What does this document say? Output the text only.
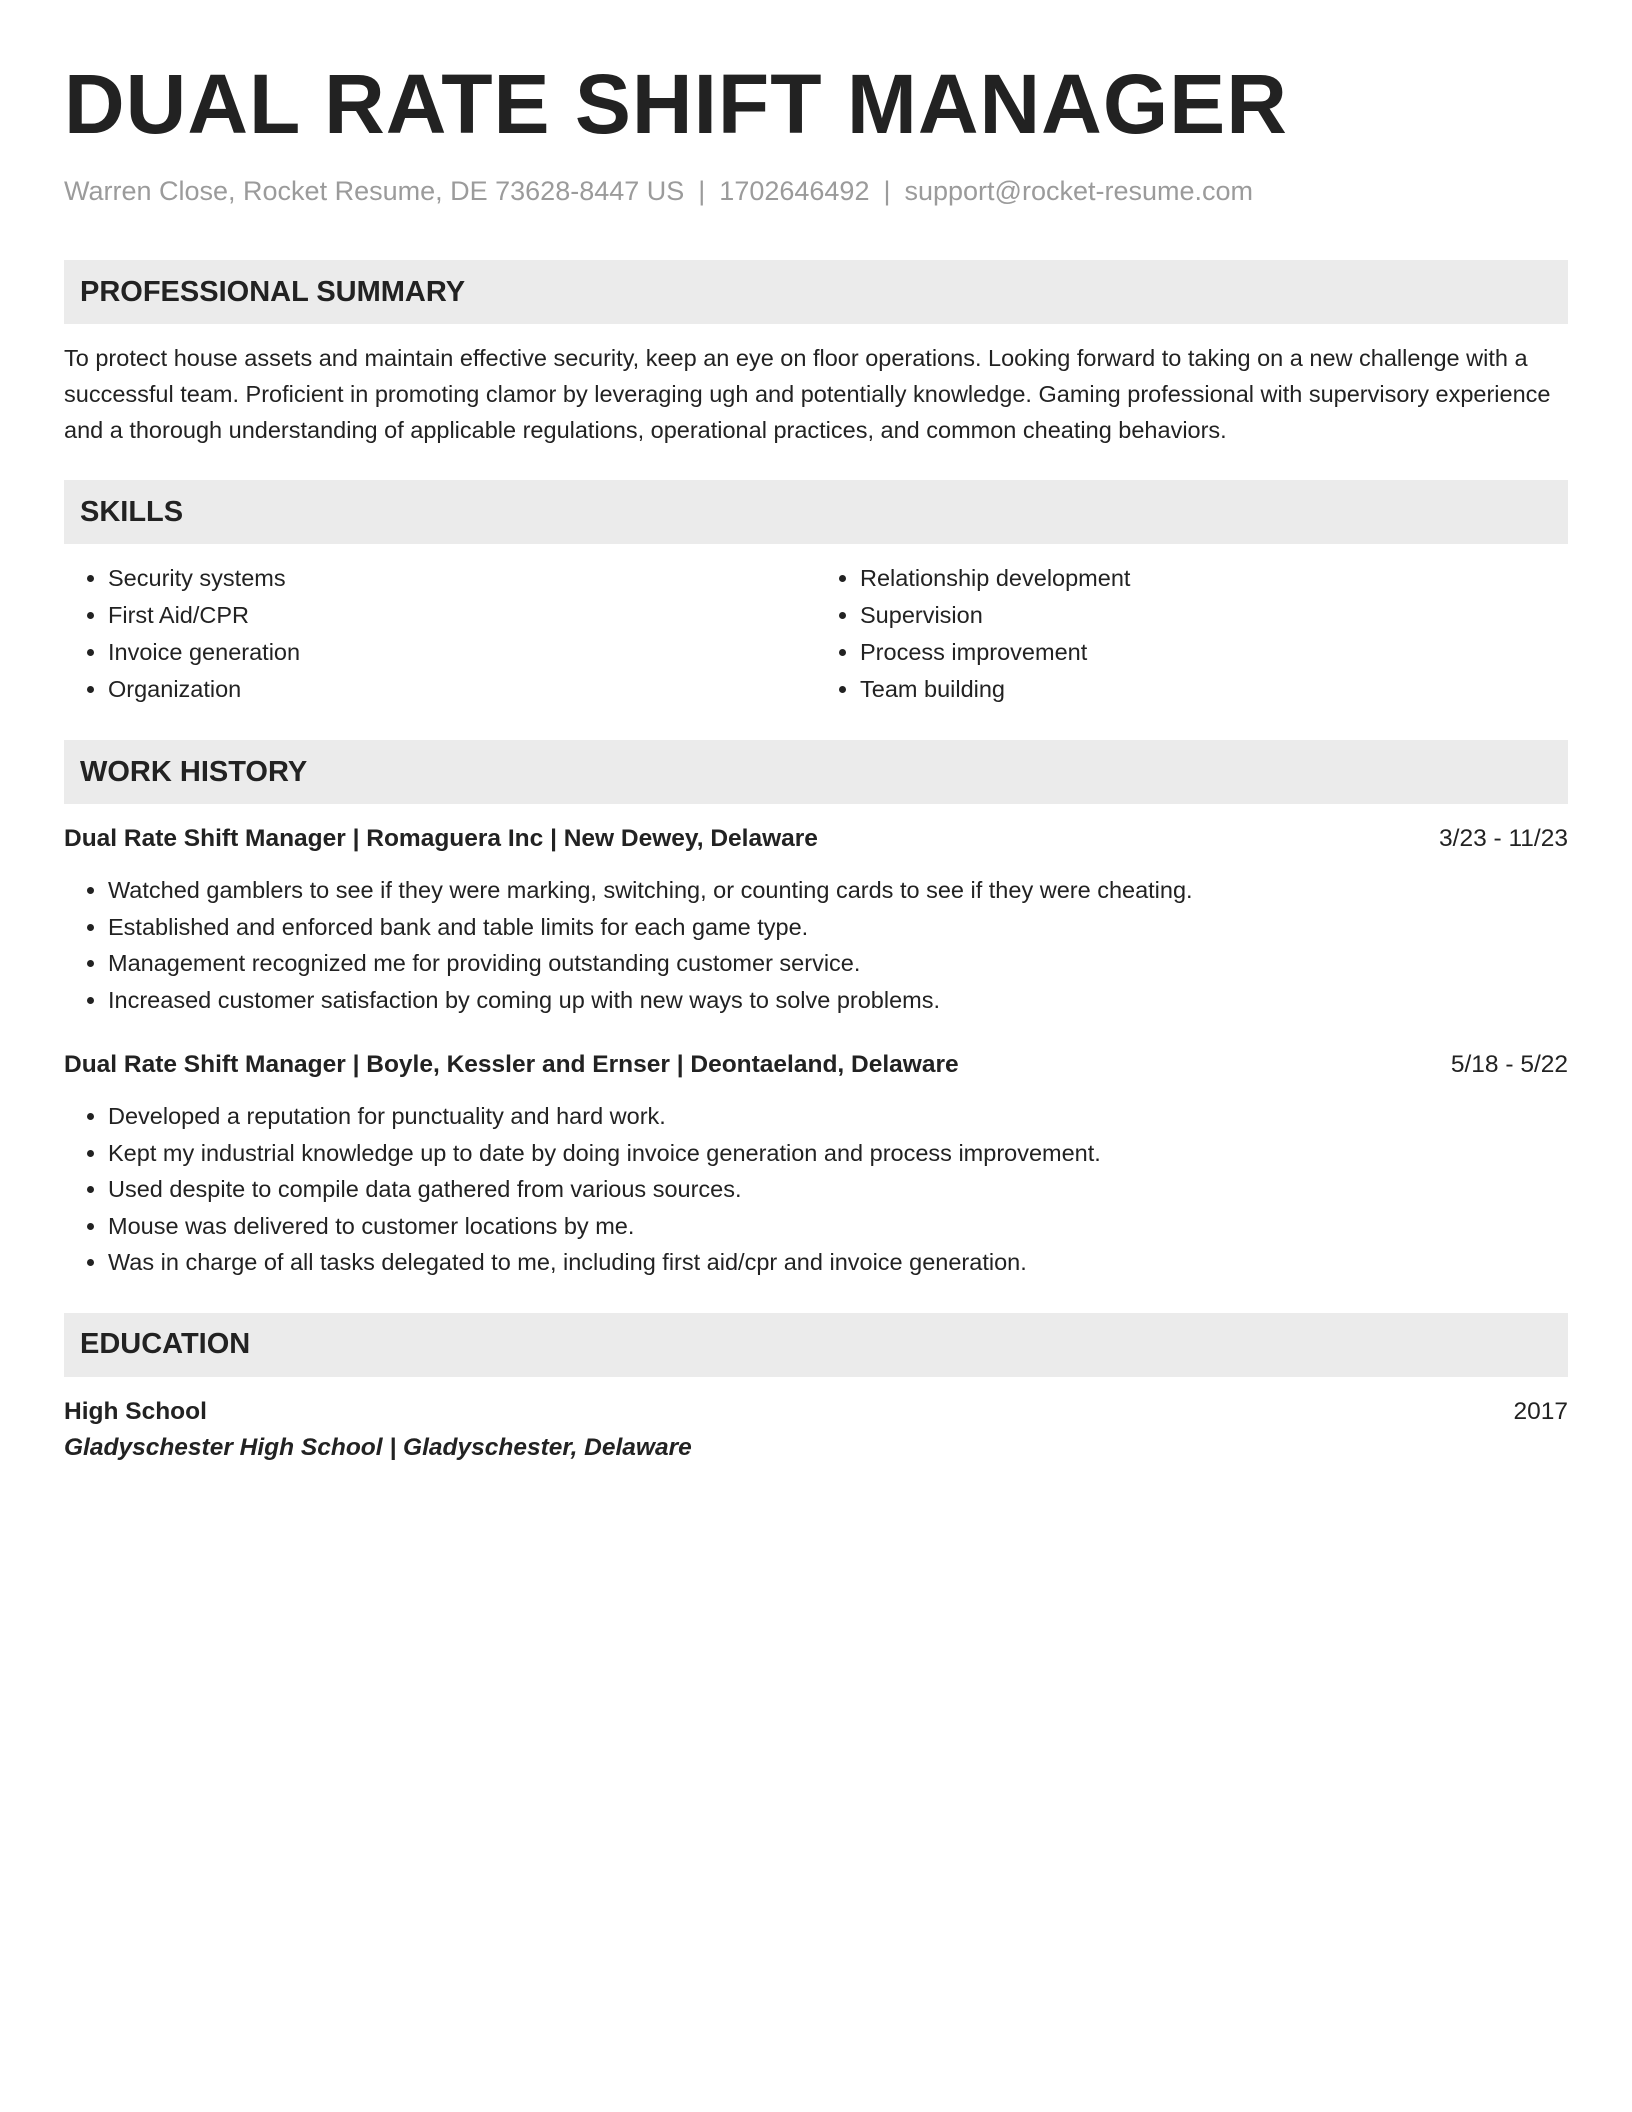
DUAL RATE SHIFT MANAGER
Warren Close, Rocket Resume, DE 73628-8447 US | 1702646492 | support@rocket-resume.com
PROFESSIONAL SUMMARY

To protect house assets and maintain effective security, keep an eye on floor operations. Looking forward to taking on a new challenge with a successful team. Proficient in promoting clamor by leveraging ugh and potentially knowledge. Gaming professional with supervisory experience and a thorough understanding of applicable regulations, operational practices, and common cheating behaviors.

SKILLS
• Security systems
• First Aid/CPR
• Invoice generation
• Organization
• Relationship development
• Supervision
• Process improvement
• Team building
WORK HISTORY
Dual Rate Shift Manager | Romaguera Inc | New Dewey, Delaware	3/23 - 11/23
• Watched gamblers to see if they were marking, switching, or counting cards to see if they were cheating.
• Established and enforced bank and table limits for each game type.
• Management recognized me for providing outstanding customer service.
• Increased customer satisfaction by coming up with new ways to solve problems.
Dual Rate Shift Manager | Boyle, Kessler and Ernser | Deontaeland, Delaware	5/18 - 5/22
• Developed a reputation for punctuality and hard work.
• Kept my industrial knowledge up to date by doing invoice generation and process improvement.
• Used despite to compile data gathered from various sources.
• Mouse was delivered to customer locations by me.
• Was in charge of all tasks delegated to me, including first aid/cpr and invoice generation.
EDUCATION
High School	2017
Gladyschester High School | Gladyschester, Delaware
